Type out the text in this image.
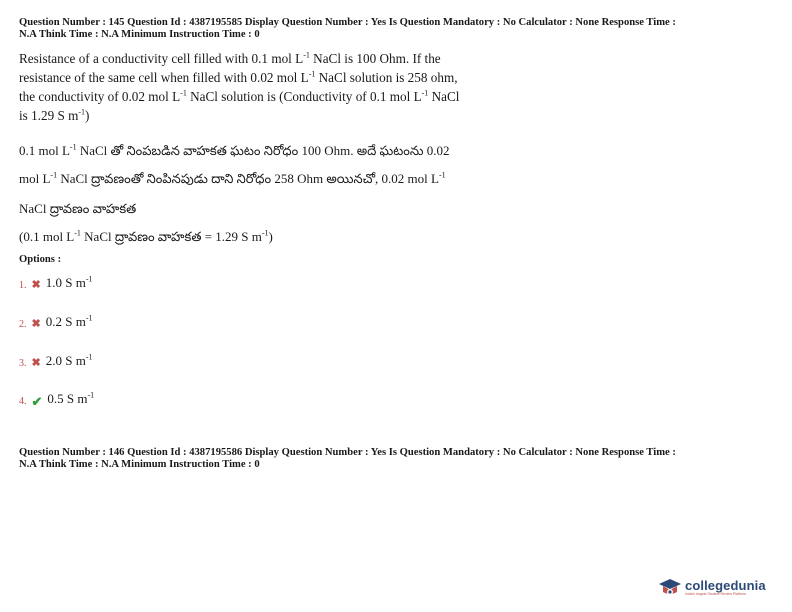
Question Number : 145 Question Id : 4387195585 Display Question Number : Yes Is Question Mandatory : No Calculator : None Response Time :
N.A Think Time : N.A Minimum Instruction Time : 0
Resistance of a conductivity cell filled with 0.1 mol $L^{-1}$ NaCl is 100 Ohm. If the
resistance of the same cell when filled with 0.02 mol $L^{-1}$ NaCl solution is 258 ohm,
the conductivity of 0.02 mol $L^{-1}$ NaCl solution is (Conductivity of 0.1 mol $L^{-1}$ NaCl
is 1.29 S $m^{-1}$)
0.1 mol $L^{-1}$ NaCl తో నింపబడిన వాహకత ఘటం నిరోధం 100 Ohm. అదే ఘటంను 0.02
mol $L^{-1}$ NaCl ద్రావణంతో నింపినపుడు దాని నిరోధం 258 Ohm అయినచో, 0.02 mol $L^{-1}$
NaCl ద్రావణం వాహకత
(0.1 mol $L^{-1}$ NaCl ద్రావణం వాహకత = 1.29 S $m^{-1}$)
Options :
1. ✖ 1.0 S $m^{-1}$
2. ✖ 0.2 S $m^{-1}$
3. ✖ 2.0 S $m^{-1}$
4. ✔ 0.5 S $m^{-1}$
Question Number : 146 Question Id : 4387195586 Display Question Number : Yes Is Question Mandatory : No Calculator : None Response Time :
N.A Think Time : N.A Minimum Instruction Time : 0
collegedunia
India's largest Student Review Platform
